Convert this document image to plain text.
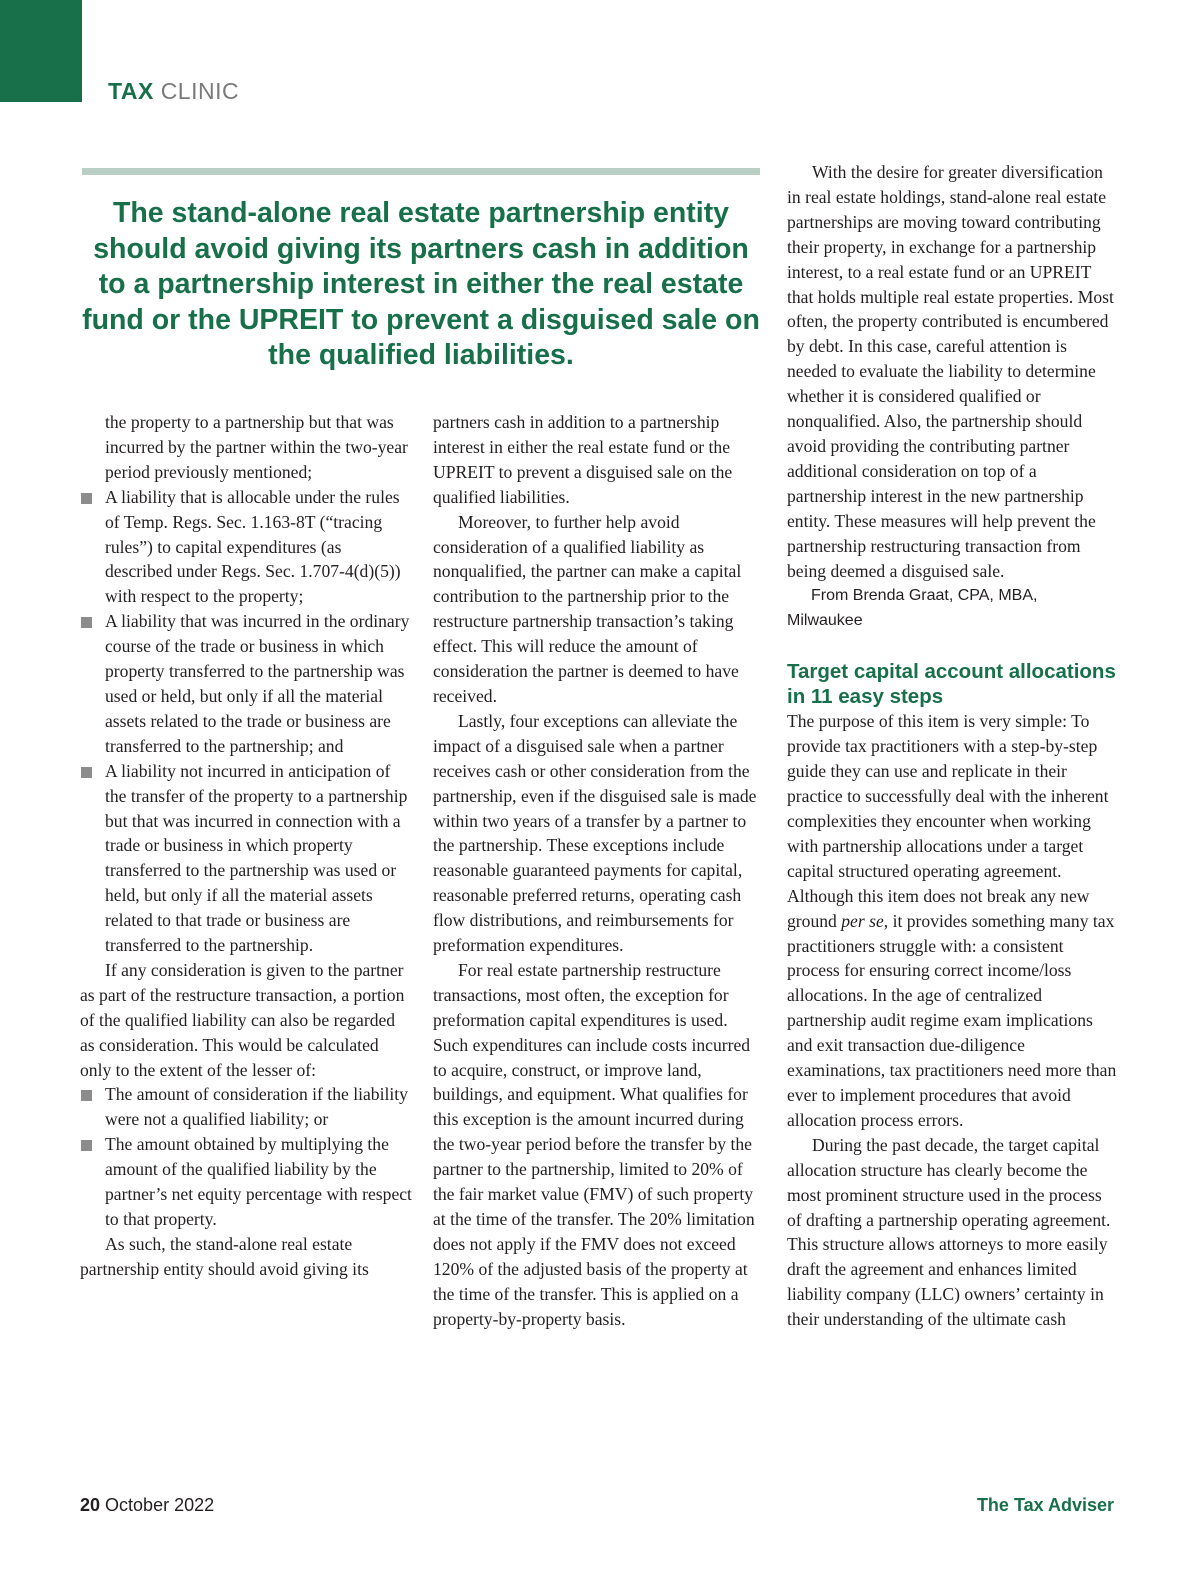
TAX CLINIC

The stand-alone real estate partnership entity should avoid giving its partners cash in addition to a partnership interest in either the real estate fund or the UPREIT to prevent a disguised sale on the qualified liabilities.

the property to a partnership but that was incurred by the partner within the two-year period previously mentioned;

A liability that is allocable under the rules of Temp. Regs. Sec. 1.163-8T (“tracing rules”) to capital expenditures (as described under Regs. Sec. 1.707-4(d)(5)) with respect to the property;
A liability that was incurred in the ordinary course of the trade or business in which property transferred to the partnership was used or held, but only if all the material assets related to the trade or business are transferred to the partnership; and
A liability not incurred in anticipation of the transfer of the property to a partnership but that was incurred in connection with a trade or business in which property transferred to the partnership was used or held, but only if all the material assets related to that trade or business are transferred to the partnership.

If any consideration is given to the partner as part of the restructure transaction, a portion of the qualified liability can also be regarded as consideration. This would be calculated only to the extent of the lesser of:

The amount of consideration if the liability were not a qualified liability; or
The amount obtained by multiplying the amount of the qualified liability by the partner’s net equity percentage with respect to that property.

As such, the stand-alone real estate partnership entity should avoid giving its

partners cash in addition to a partnership interest in either the real estate fund or the UPREIT to prevent a disguised sale on the qualified liabilities.

Moreover, to further help avoid consideration of a qualified liability as nonqualified, the partner can make a capital contribution to the partnership prior to the restructure partnership transaction’s taking effect. This will reduce the amount of consideration the partner is deemed to have received.

Lastly, four exceptions can alleviate the impact of a disguised sale when a partner receives cash or other consideration from the partnership, even if the disguised sale is made within two years of a transfer by a partner to the partnership. These exceptions include reasonable guaranteed payments for capital, reasonable preferred returns, operating cash flow distributions, and reimbursements for preformation expenditures.

For real estate partnership restructure transactions, most often, the exception for preformation capital expenditures is used. Such expenditures can include costs incurred to acquire, construct, or improve land, buildings, and equipment. What qualifies for this exception is the amount incurred during the two-year period before the transfer by the partner to the partnership, limited to 20% of the fair market value (FMV) of such property at the time of the transfer. The 20% limitation does not apply if the FMV does not exceed 120% of the adjusted basis of the property at the time of the transfer. This is applied on a property-by-property basis.

With the desire for greater diversification in real estate holdings, stand-alone real estate partnerships are moving toward contributing their property, in exchange for a partnership interest, to a real estate fund or an UPREIT that holds multiple real estate properties. Most often, the property contributed is encumbered by debt. In this case, careful attention is needed to evaluate the liability to determine whether it is considered qualified or nonqualified. Also, the partnership should avoid providing the contributing partner additional consideration on top of a partnership interest in the new partnership entity. These measures will help prevent the partnership restructuring transaction from being deemed a disguised sale.

From Brenda Graat, CPA, MBA,
Milwaukee

Target capital account allocations in 11 easy steps

The purpose of this item is very simple: To provide tax practitioners with a step-by-step guide they can use and replicate in their practice to successfully deal with the inherent complexities they encounter when working with partnership allocations under a target capital structured operating agreement. Although this item does not break any new ground per se, it provides something many tax practitioners struggle with: a consistent process for ensuring correct income/loss allocations. In the age of centralized partnership audit regime exam implications and exit transaction due-diligence examinations, tax practitioners need more than ever to implement procedures that avoid allocation process errors.

During the past decade, the target capital allocation structure has clearly become the most prominent structure used in the process of drafting a partnership operating agreement. This structure allows attorneys to more easily draft the agreement and enhances limited liability company (LLC) owners’ certainty in their understanding of the ultimate cash

20 October 2022	The Tax Adviser
